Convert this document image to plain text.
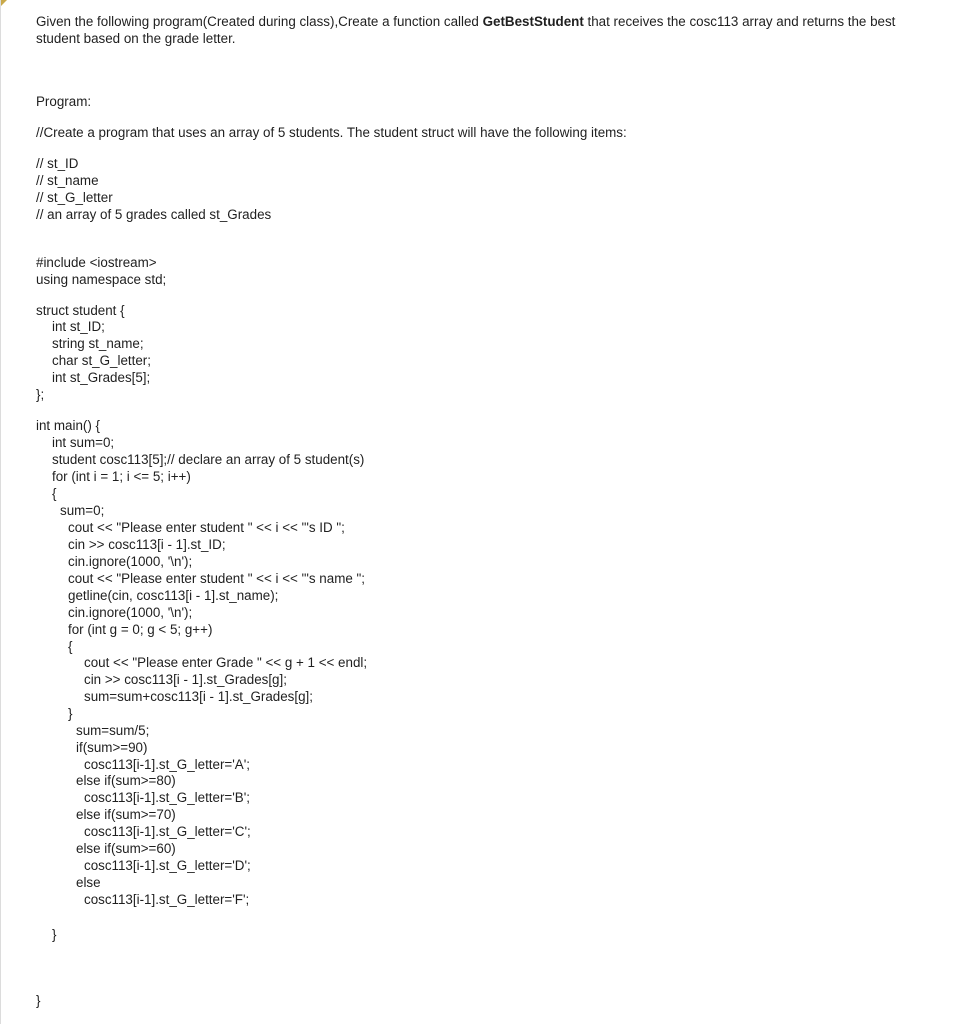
Given the following program(Created during class),Create a function called GetBestStudent that receives the cosc113 array and returns the best
student based on the grade letter.
Program:
//Create a program that uses an array of 5 students. The student struct will have the following items:
// st_ID
// st_name
// st_G_letter
// an array of 5 grades called st_Grades
#include <iostream>
using namespace std;
struct student {
int st_ID;
string st_name;
char st_G_letter;
int st_Grades[5];
};
int main() {
int sum=0;
student cosc113[5];// declare an array of 5 student(s)
for (int i = 1; i <= 5; i++)
{
sum=0;
cout << "Please enter student " << i << "'s ID ";
cin >> cosc113[i - 1].st_ID;
cin.ignore(1000, '\n');
cout << "Please enter student " << i << "'s name ";
getline(cin, cosc113[i - 1].st_name);
cin.ignore(1000, '\n');
for (int g = 0; g < 5; g++)
{
cout << "Please enter Grade " << g + 1 << endl;
cin >> cosc113[i - 1].st_Grades[g];
sum=sum+cosc113[i - 1].st_Grades[g];
}
sum=sum/5;
if(sum>=90)
cosc113[i-1].st_G_letter='A';
else if(sum>=80)
cosc113[i-1].st_G_letter='B';
else if(sum>=70)
cosc113[i-1].st_G_letter='C';
else if(sum>=60)
cosc113[i-1].st_G_letter='D';
else
cosc113[i-1].st_G_letter='F';
}
}
